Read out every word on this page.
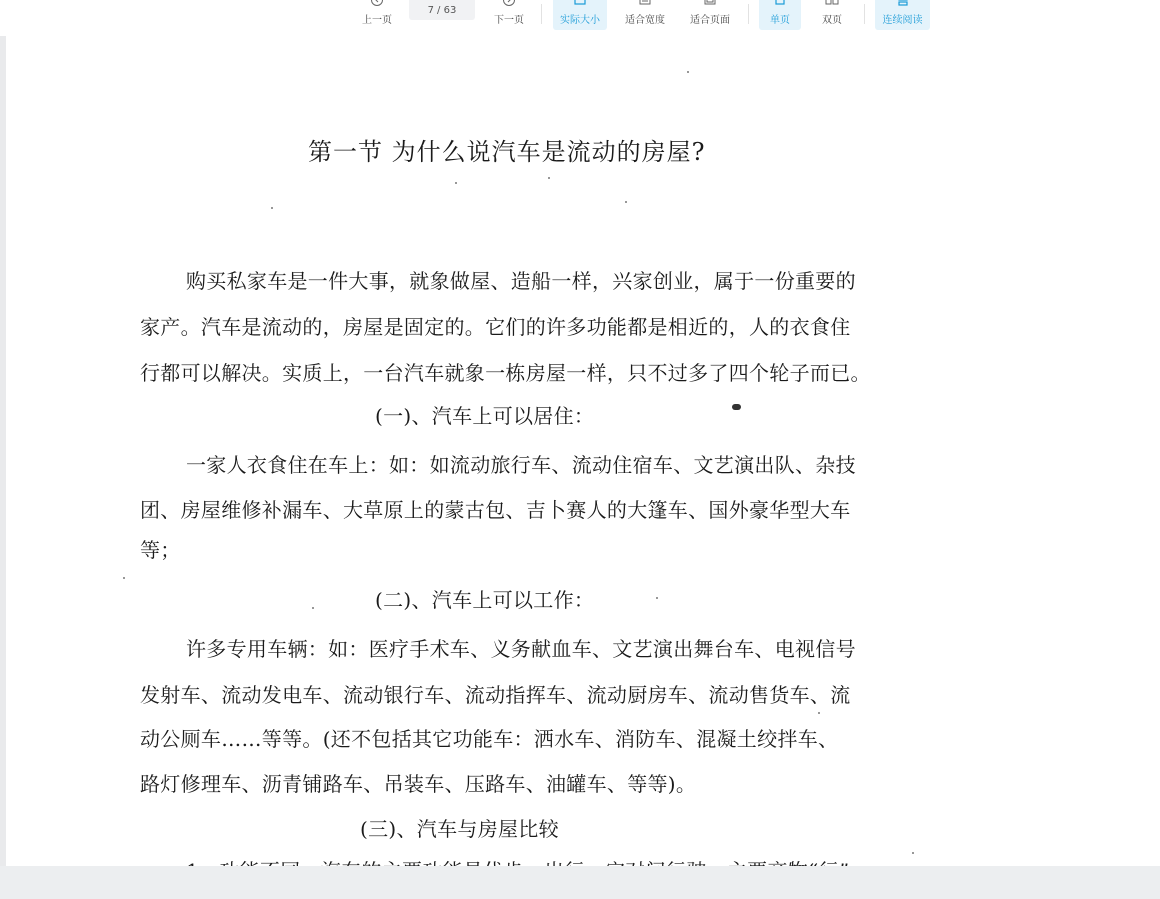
上一页
7 / 63
下一页	实际大小	适合宽度	适合页面	单页	双页	连续阅读
第一节 为什么说汽车是流动的房屋?
购买私家车是一件大事，就象做屋、造船一样，兴家创业，属于一份重要的
家产。汽车是流动的，房屋是固定的。它们的许多功能都是相近的，人的衣食住
行都可以解决。实质上，一台汽车就象一栋房屋一样，只不过多了四个轮子而已。
(一)、汽车上可以居住：
一家人衣食住在车上：如：如流动旅行车、流动住宿车、文艺演出队、杂技
团、房屋维修补漏车、大草原上的蒙古包、吉卜赛人的大篷车、国外豪华型大车
等；
(二)、汽车上可以工作：
许多专用车辆：如：医疗手术车、义务献血车、文艺演出舞台车、电视信号
发射车、流动发电车、流动银行车、流动指挥车、流动厨房车、流动售货车、流
动公厕车……等等。(还不包括其它功能车：洒水车、消防车、混凝土绞拌车、
路灯修理车、沥青铺路车、吊装车、压路车、油罐车、等等)。
(三)、汽车与房屋比较
